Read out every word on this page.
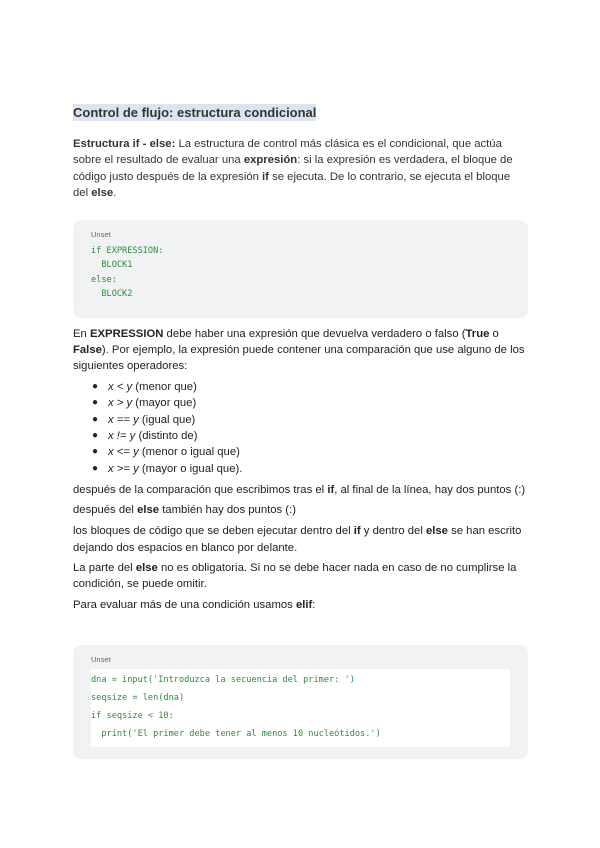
Control de flujo: estructura condicional

Estructura if - else: La estructura de control más clásica es el condicional, que actúa sobre el resultado de evaluar una expresión: si la expresión es verdadera, el bloque de código justo después de la expresión if se ejecuta. De lo contrario, se ejecuta el bloque del else.

Unset
if EXPRESSION:
BLOCK1
else:
BLOCK2

En EXPRESSION debe haber una expresión que devuelva verdadero o falso (True o False). Por ejemplo, la expresión puede contener una comparación que use alguno de los siguientes operadores:

● x < y (menor que)
● x > y (mayor que)
● x == y (igual que)
● x != y (distinto de)
● x <= y (menor o igual que)
● x >= y (mayor o igual que).

después de la comparación que escribimos tras el if, al final de la línea, hay dos puntos (:)

después del else también hay dos puntos (:)

los bloques de código que se deben ejecutar dentro del if y dentro del else se han escrito dejando dos espacios en blanco por delante.

La parte del else no es obligatoria. Si no se debe hacer nada en caso de no cumplirse la condición, se puede omitir.

Para evaluar más de una condición usamos elif:

Unset
dna = input('Introduzca la secuencia del primer: ')
seqsize = len(dna)
if seqsize < 10:
print('El primer debe tener al menos 10 nucleótidos.')
